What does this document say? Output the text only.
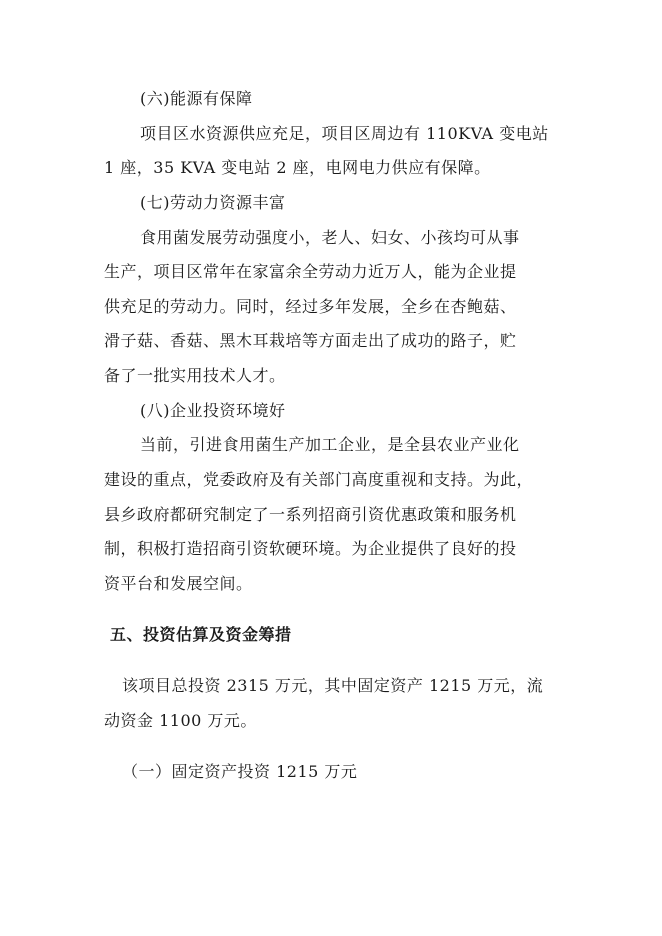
(六)能源有保障
项目区水资源供应充足，项目区周边有 110KVA 变电站
1 座，35 KVA 变电站 2 座，电网电力供应有保障。
(七)劳动力资源丰富
食用菌发展劳动强度小，老人、妇女、小孩均可从事
生产，项目区常年在家富余全劳动力近万人，能为企业提
供充足的劳动力。同时，经过多年发展，全乡在杏鲍菇、
滑子菇、香菇、黑木耳栽培等方面走出了成功的路子，贮
备了一批实用技术人才。
(八)企业投资环境好
当前，引进食用菌生产加工企业，是全县农业产业化
建设的重点，党委政府及有关部门高度重视和支持。为此，
县乡政府都研究制定了一系列招商引资优惠政策和服务机
制，积极打造招商引资软硬环境。为企业提供了良好的投
资平台和发展空间。
五、投资估算及资金筹措
该项目总投资 2315 万元，其中固定资产 1215 万元，流
动资金 1100 万元。
（一）固定资产投资 1215 万元
